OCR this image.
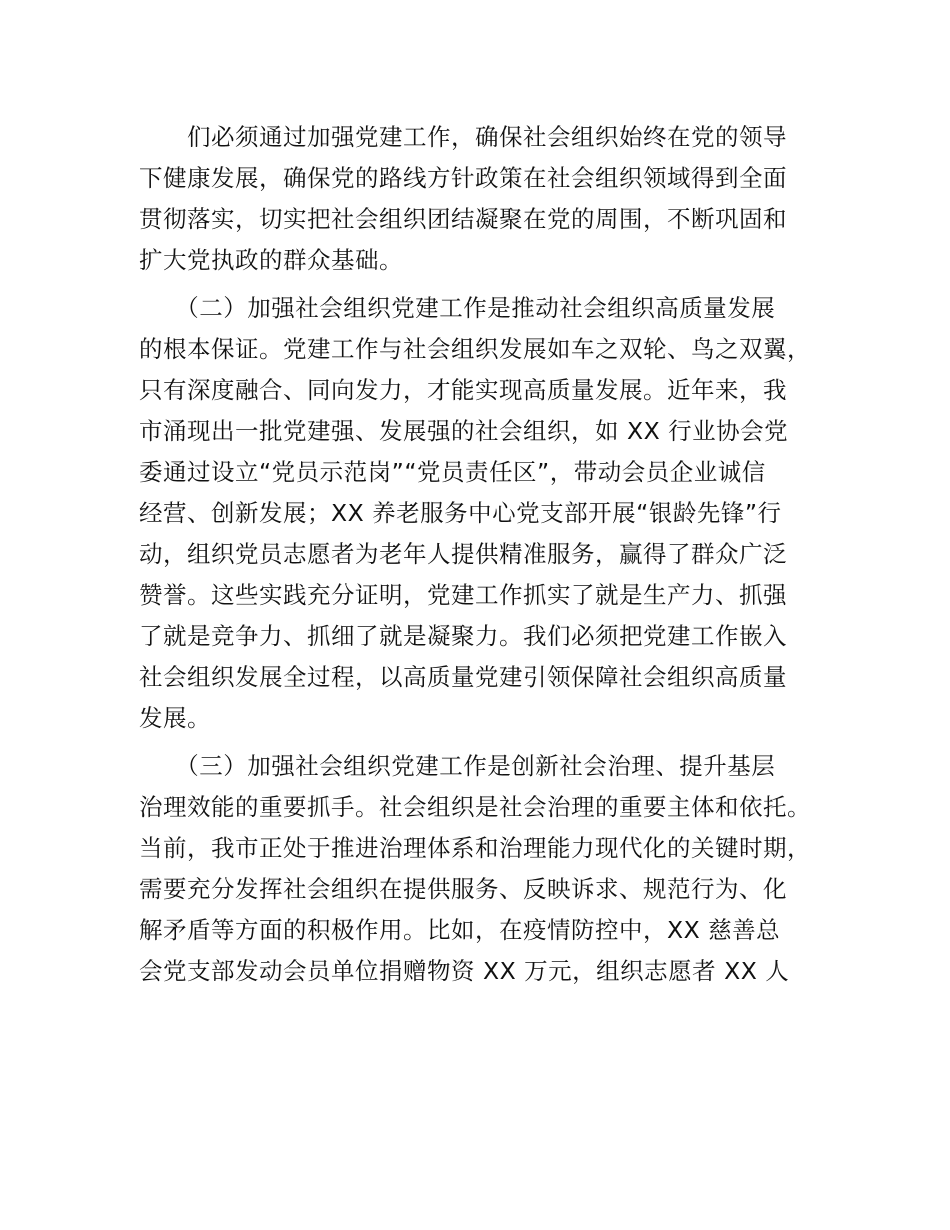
　　们必须通过加强党建工作，确保社会组织始终在党的领导
下健康发展，确保党的路线方针政策在社会组织领域得到全面
贯彻落实，切实把社会组织团结凝聚在党的周围，不断巩固和
扩大党执政的群众基础。

　　（二）加强社会组织党建工作是推动社会组织高质量发展
的根本保证。党建工作与社会组织发展如车之双轮、鸟之双翼，
只有深度融合、同向发力，才能实现高质量发展。近年来，我
市涌现出一批党建强、发展强的社会组织，如 XX 行业协会党
委通过设立“党员示范岗”“党员责任区”，带动会员企业诚信
经营、创新发展；XX 养老服务中心党支部开展“银龄先锋”行
动，组织党员志愿者为老年人提供精准服务，赢得了群众广泛
赞誉。这些实践充分证明，党建工作抓实了就是生产力、抓强
了就是竞争力、抓细了就是凝聚力。我们必须把党建工作嵌入
社会组织发展全过程，以高质量党建引领保障社会组织高质量
发展。

　　（三）加强社会组织党建工作是创新社会治理、提升基层
治理效能的重要抓手。社会组织是社会治理的重要主体和依托。
当前，我市正处于推进治理体系和治理能力现代化的关键时期，
需要充分发挥社会组织在提供服务、反映诉求、规范行为、化
解矛盾等方面的积极作用。比如，在疫情防控中，XX 慈善总
会党支部发动会员单位捐赠物资 XX 万元，组织志愿者 XX 人
